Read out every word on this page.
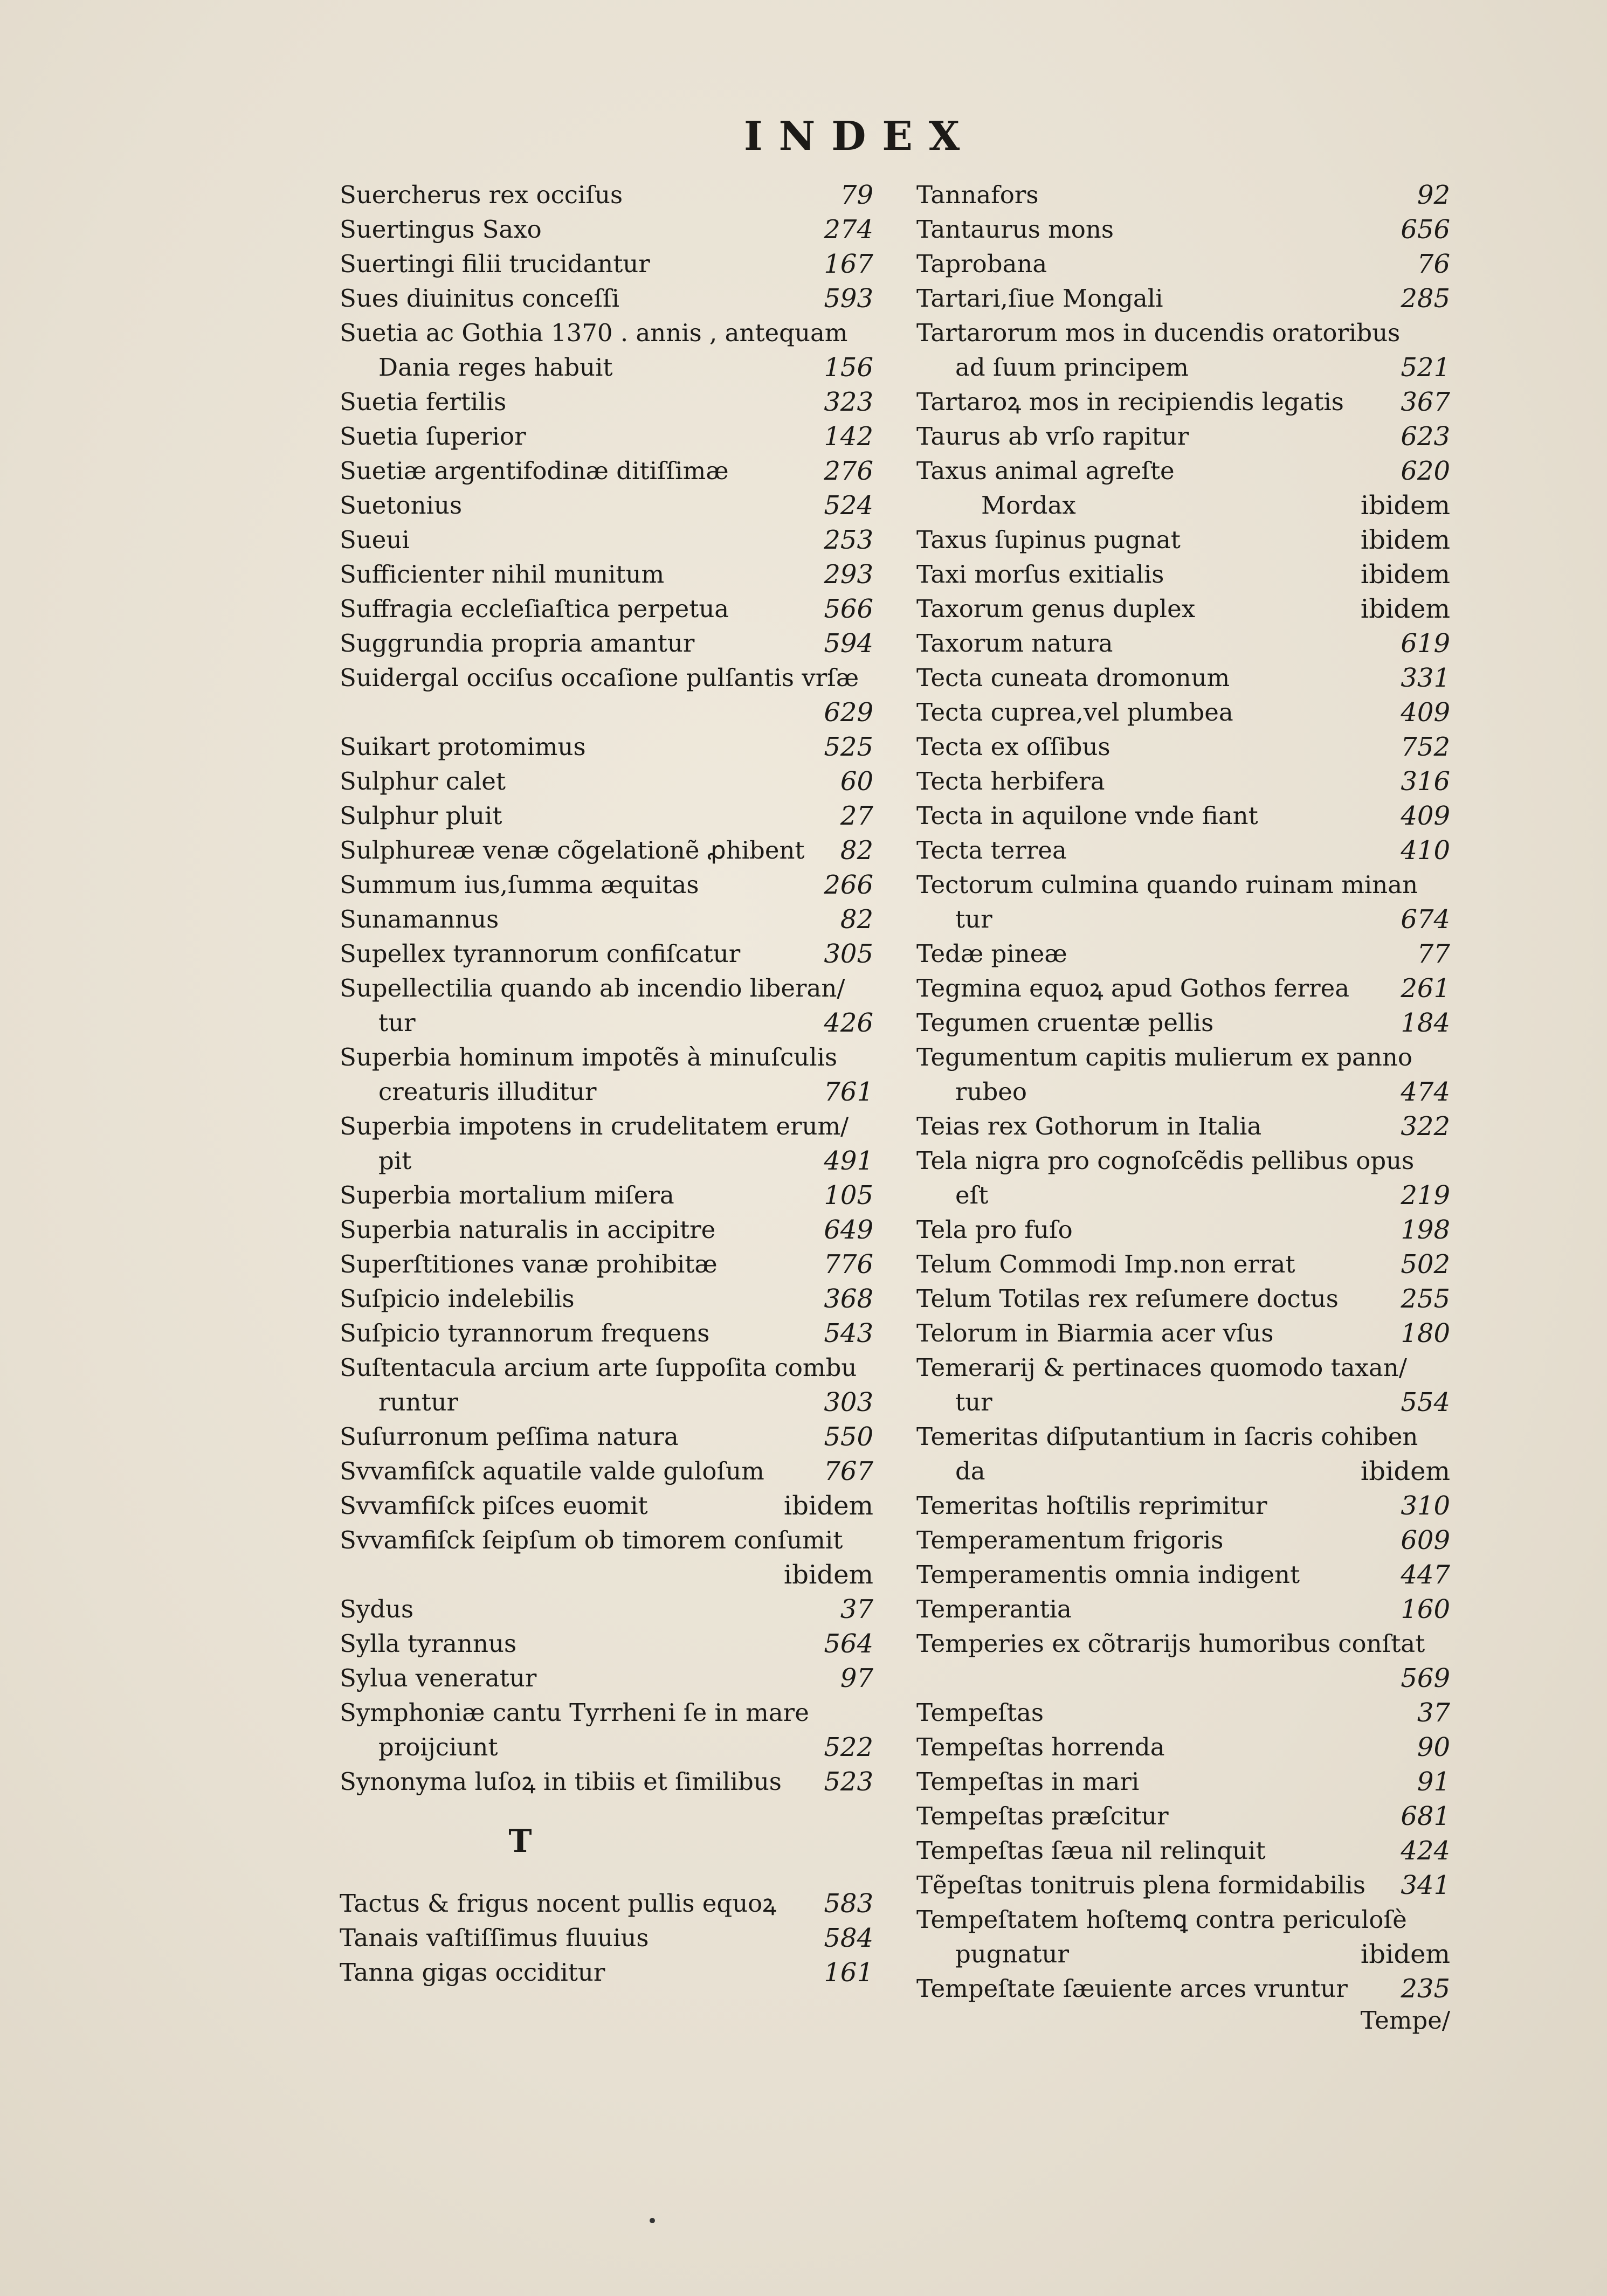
INDEX
Suercherus rex occiſus	79
Suertingus Saxo	274
Suertingi filii trucidantur	167
Sues diuinitus conceſſi	593
Suetia ac Gothia 1370 . annis , antequam
Dania reges habuit	156
Suetia fertilis	323
Suetia ſuperior	142
Suetiæ argentifodinæ ditiſſimæ	276
Suetonius	524
Sueui	253
Sufficienter nihil munitum	293
Suffragia eccleſiaſtica perpetua	566
Suggrundia propria amantur	594
Suidergal occiſus occaſione pulſantis vrſæ
629
Suikart protomimus	525
Sulphur calet	60
Sulphur pluit	27
Sulphureæ venæ cõgelationẽ ꝓhibent	82
Summum ius,ſumma æquitas	266
Sunamannus	82
Supellex tyrannorum confiſcatur	305
Supellectilia quando ab incendio liberan/
tur	426
Superbia hominum impotẽs à minuſculis
creaturis illuditur	761
Superbia impotens in crudelitatem erum/
pit	491
Superbia mortalium miſera	105
Superbia naturalis in accipitre	649
Superſtitiones vanæ prohibitæ	776
Suſpicio indelebilis	368
Suſpicio tyrannorum frequens	543
Suſtentacula arcium arte ſuppoſita combu
runtur	303
Suſurronum peſſima natura	550
Svvamfiſck aquatile valde guloſum	767
Svvamfiſck piſces euomit	ibidem
Svvamfiſck ſeipſum ob timorem conſumit
ibidem
Sydus	37
Sylla tyrannus	564
Sylua veneratur	97
Symphoniæ cantu Tyrrheni ſe in mare
proijciunt	522
Synonyma luſoꝝ in tibiis et ſimilibus	523
T
Tactus & frigus nocent pullis equoꝝ	583
Tanais vaſtiſſimus fluuius	584
Tanna gigas occiditur	161
Tannafors	92
Tantaurus mons	656
Taprobana	76
Tartari,ſiue Mongali	285
Tartarorum mos in ducendis oratoribus
ad ſuum principem	521
Tartaroꝝ mos in recipiendis legatis	367
Taurus ab vrſo rapitur	623
Taxus animal agreſte	620
Mordax	ibidem
Taxus ſupinus pugnat	ibidem
Taxi morſus exitialis	ibidem
Taxorum genus duplex	ibidem
Taxorum natura	619
Tecta cuneata dromonum	331
Tecta cuprea,vel plumbea	409
Tecta ex oſſibus	752
Tecta herbifera	316
Tecta in aquilone vnde fiant	409
Tecta terrea	410
Tectorum culmina quando ruinam minan
tur	674
Tedæ pineæ	77
Tegmina equoꝝ apud Gothos ferrea	261
Tegumen cruentæ pellis	184
Tegumentum capitis mulierum ex panno
rubeo	474
Teias rex Gothorum in Italia	322
Tela nigra pro cognoſcẽdis pellibus opus
eſt	219
Tela pro fuſo	198
Telum Commodi Imp.non errat	502
Telum Totilas rex reſumere doctus	255
Telorum in Biarmia acer vſus	180
Temerarij & pertinaces quomodo taxan/
tur	554
Temeritas diſputantium in ſacris cohiben
da	ibidem
Temeritas hoſtilis reprimitur	310
Temperamentum frigoris	609
Temperamentis omnia indigent	447
Temperantia	160
Temperies ex cõtrarijs humoribus conſtat
569
Tempeſtas	37
Tempeſtas horrenda	90
Tempeſtas in mari	91
Tempeſtas præſcitur	681
Tempeſtas ſæua nil relinquit	424
Tẽpeſtas tonitruis plena formidabilis	341
Tempeſtatem hoſtemꝗ contra periculoſè
pugnatur	ibidem
Tempeſtate ſæuiente arces vruntur	235
Tempe/
